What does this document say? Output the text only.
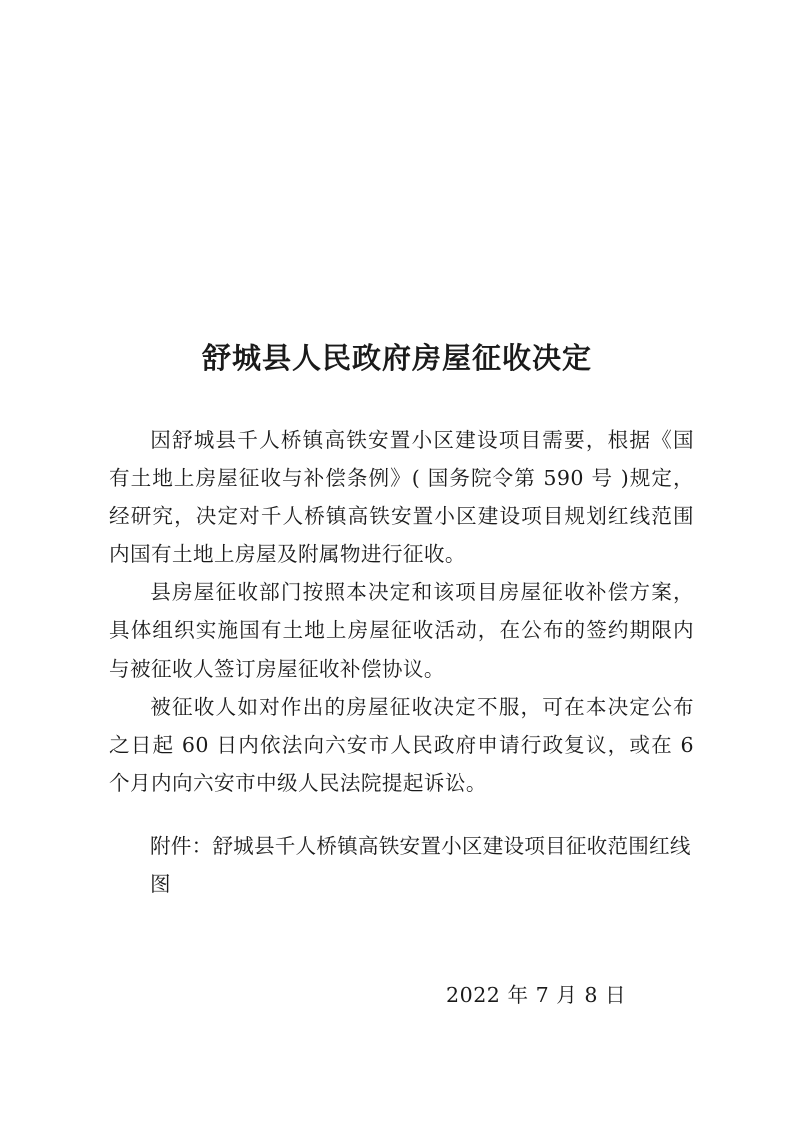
舒城县人民政府房屋征收决定

因舒城县千人桥镇高铁安置小区建设项目需要，根据《国有土地上房屋征收与补偿条例》( 国务院令第 590 号 )规定，经研究，决定对千人桥镇高铁安置小区建设项目规划红线范围内国有土地上房屋及附属物进行征收。

县房屋征收部门按照本决定和该项目房屋征收补偿方案，具体组织实施国有土地上房屋征收活动，在公布的签约期限内与被征收人签订房屋征收补偿协议。

被征收人如对作出的房屋征收决定不服，可在本决定公布之日起 60 日内依法向六安市人民政府申请行政复议，或在 6 个月内向六安市中级人民法院提起诉讼。

附件：舒城县千人桥镇高铁安置小区建设项目征收范围红线图

2022 年 7 月 8 日
